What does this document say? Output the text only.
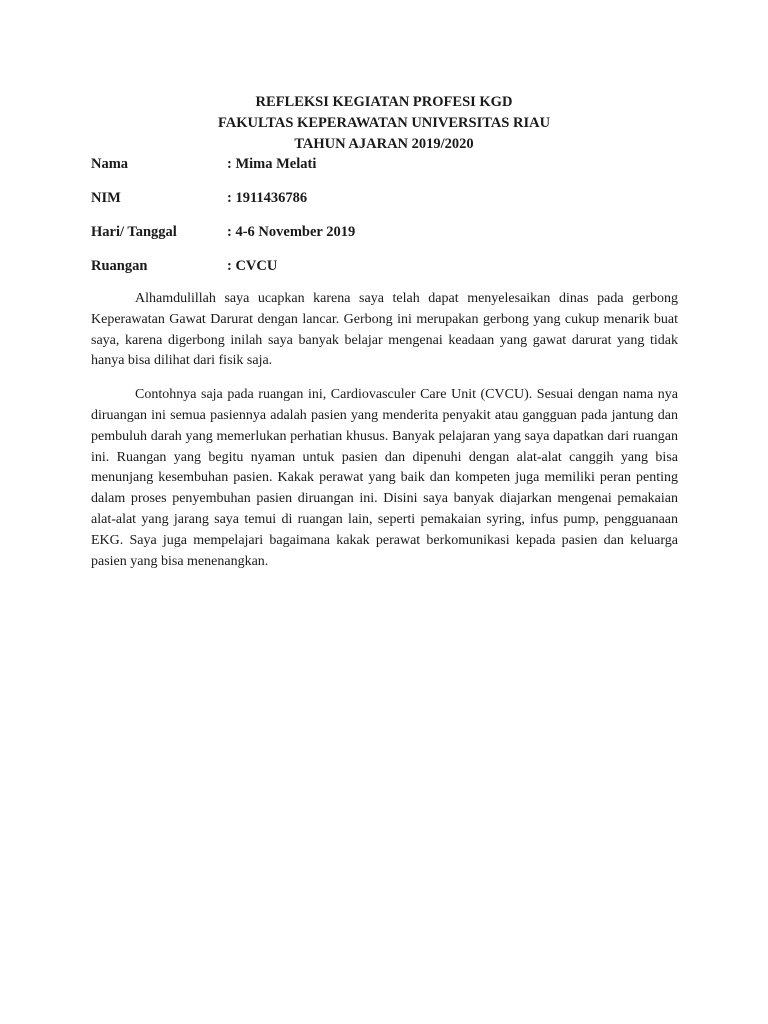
REFLEKSI KEGIATAN PROFESI KGD
FAKULTAS KEPERAWATAN UNIVERSITAS RIAU
TAHUN AJARAN 2019/2020
Nama	: Mima Melati
NIM	: 1911436786
Hari/ Tanggal	: 4-6 November 2019
Ruangan	: CVCU

Alhamdulillah saya ucapkan karena saya telah dapat menyelesaikan dinas pada gerbong Keperawatan Gawat Darurat dengan lancar. Gerbong ini merupakan gerbong yang cukup menarik buat saya, karena digerbong inilah saya banyak belajar mengenai keadaan yang gawat darurat yang tidak hanya bisa dilihat dari fisik saja.

Contohnya saja pada ruangan ini, Cardiovasculer Care Unit (CVCU). Sesuai dengan nama nya diruangan ini semua pasiennya adalah pasien yang menderita penyakit atau gangguan pada jantung dan pembuluh darah yang memerlukan perhatian khusus. Banyak pelajaran yang saya dapatkan dari ruangan ini. Ruangan yang begitu nyaman untuk pasien dan dipenuhi dengan alat-alat canggih yang bisa menunjang kesembuhan pasien. Kakak perawat yang baik dan kompeten juga memiliki peran penting dalam proses penyembuhan pasien diruangan ini. Disini saya banyak diajarkan mengenai pemakaian alat-alat yang jarang saya temui di ruangan lain, seperti pemakaian syring, infus pump, pengguanaan EKG. Saya juga mempelajari bagaimana kakak perawat berkomunikasi kepada pasien dan keluarga pasien yang bisa menenangkan.
